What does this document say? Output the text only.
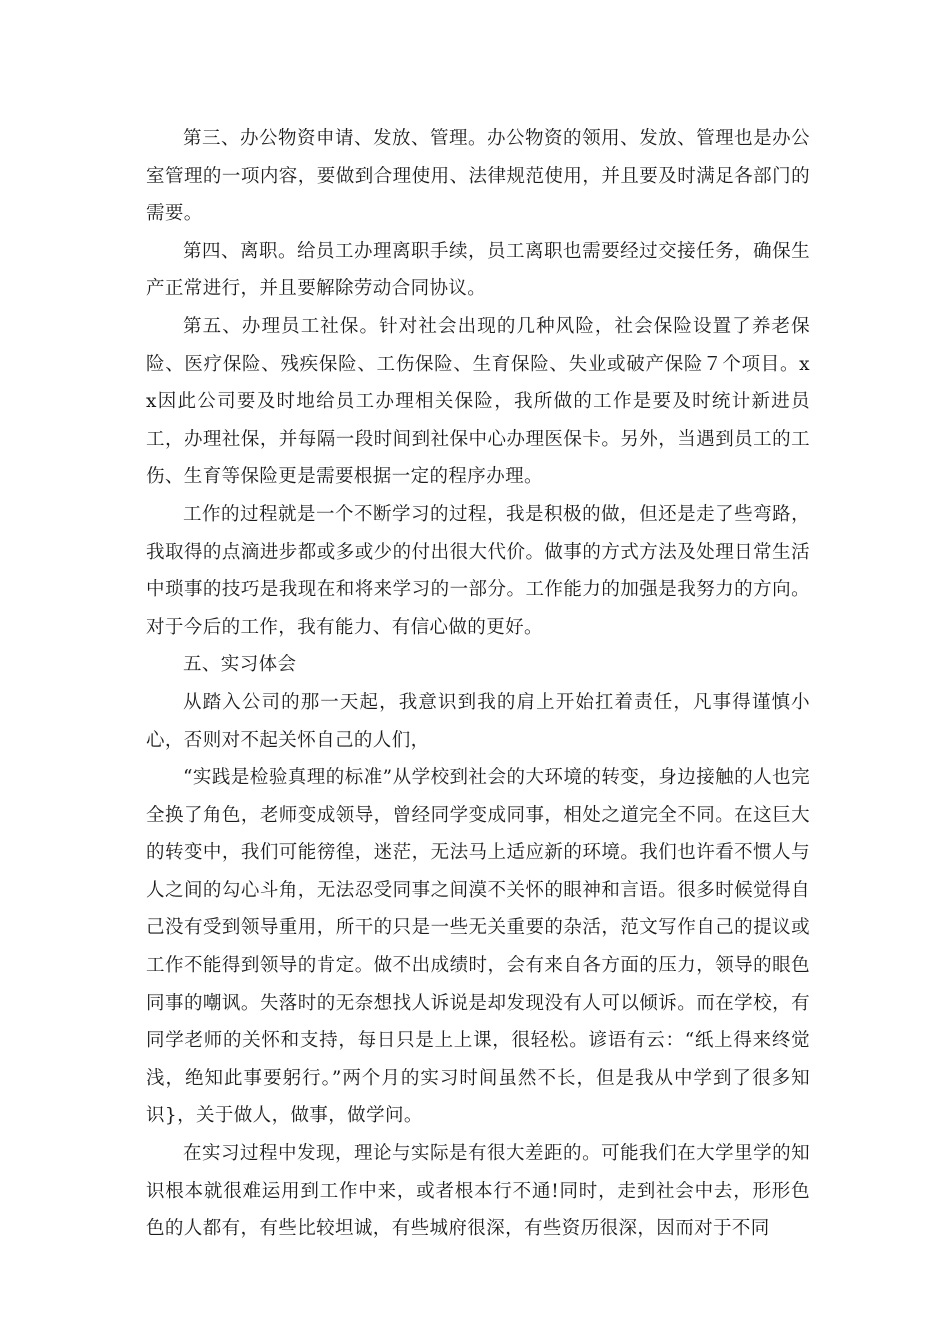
第三、办公物资申请、发放、管理。办公物资的领用、发放、管理也是办公室管理的一项内容，要做到合理使用、法律规范使用，并且要及时满足各部门的需要。

第四、离职。给员工办理离职手续，员工离职也需要经过交接任务，确保生产正常进行，并且要解除劳动合同协议。

第五、办理员工社保。针对社会出现的几种风险，社会保险设置了养老保险、医疗保险、残疾保险、工伤保险、生育保险、失业或破产保险７个项目。xx因此公司要及时地给员工办理相关保险，我所做的工作是要及时统计新进员工，办理社保，并每隔一段时间到社保中心办理医保卡。另外，当遇到员工的工伤、生育等保险更是需要根据一定的程序办理。

工作的过程就是一个不断学习的过程，我是积极的做，但还是走了些弯路，我取得的点滴进步都或多或少的付出很大代价。做事的方式方法及处理日常生活中琐事的技巧是我现在和将来学习的一部分。工作能力的加强是我努力的方向。对于今后的工作，我有能力、有信心做的更好。

五、实习体会

从踏入公司的那一天起，我意识到我的肩上开始扛着责任，凡事得谨慎小心，否则对不起关怀自己的人们，

“实践是检验真理的标准”从学校到社会的大环境的转变，身边接触的人也完全换了角色，老师变成领导，曾经同学变成同事，相处之道完全不同。在这巨大的转变中，我们可能徬徨，迷茫，无法马上适应新的环境。我们也许看不惯人与人之间的勾心斗角，无法忍受同事之间漠不关怀的眼神和言语。很多时候觉得自己没有受到领导重用，所干的只是一些无关重要的杂活，范文写作自己的提议或工作不能得到领导的肯定。做不出成绩时，会有来自各方面的压力，领导的眼色同事的嘲讽。失落时的无奈想找人诉说是却发现没有人可以倾诉。而在学校，有同学老师的关怀和支持，每日只是上上课，很轻松。谚语有云：“纸上得来终觉浅，绝知此事要躬行。”两个月的实习时间虽然不长，但是我从中学到了很多知识}，关于做人，做事，做学问。

在实习过程中发现，理论与实际是有很大差距的。可能我们在大学里学的知识根本就很难运用到工作中来，或者根本行不通!同时，走到社会中去，形形色色的人都有，有些比较坦诚，有些城府很深，有些资历很深，因而对于不同
